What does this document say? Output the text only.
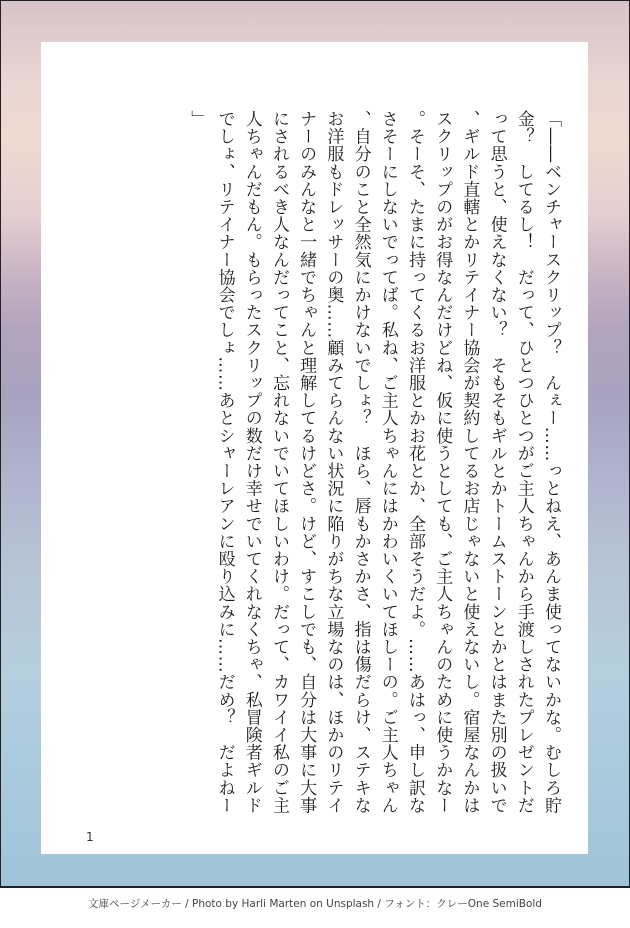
「――ベンチャースクリップ？　んぇー……っとねえ、あんま使ってないかな。むしろ貯金？　してるし！　だって、ひとつひとつがご主人ちゃんから手渡しされたプレゼントだって思うと、使えなくない？　そもそもギルとかトームストーンとかとはまた別の扱いで、ギルド直轄とかリテイナー協会が契約してるお店じゃないと使えないし。宿屋なんかはスクリップのがお得なんだけどね、仮に使うとしても、ご主人ちゃんのために使うかなー。そーそ、たまに持ってくるお洋服とかお花とか、全部そうだよ。……あはっ、申し訳なさそーにしないでってば。私ね、ご主人ちゃんにはかわいくいてほしーの。ご主人ちゃん、自分のこと全然気にかけないでしょ？　ほら、唇もかさかさ、指は傷だらけ、ステキなお洋服もドレッサーの奥……顧みてらんない状況に陥りがちな立場なのは、ほかのリテイナーのみんなと一緒でちゃんと理解してるけどさ。けど、すこしでも、自分は大事に大事にされるべき人なんだってこと、忘れないでいてほしいわけ。だって、カワイイ私のご主人ちゃんだもん。もらったスクリップの数だけ幸せでいてくれなくちゃ、私冒険者ギルドでしょ、リテイナー協会でしょ……あとシャーレアンに殴り込みに……だめ？　だよねー」

1
文庫ページメーカー / Photo by Harli Marten on Unsplash / フォント：クレーOne SemiBold
